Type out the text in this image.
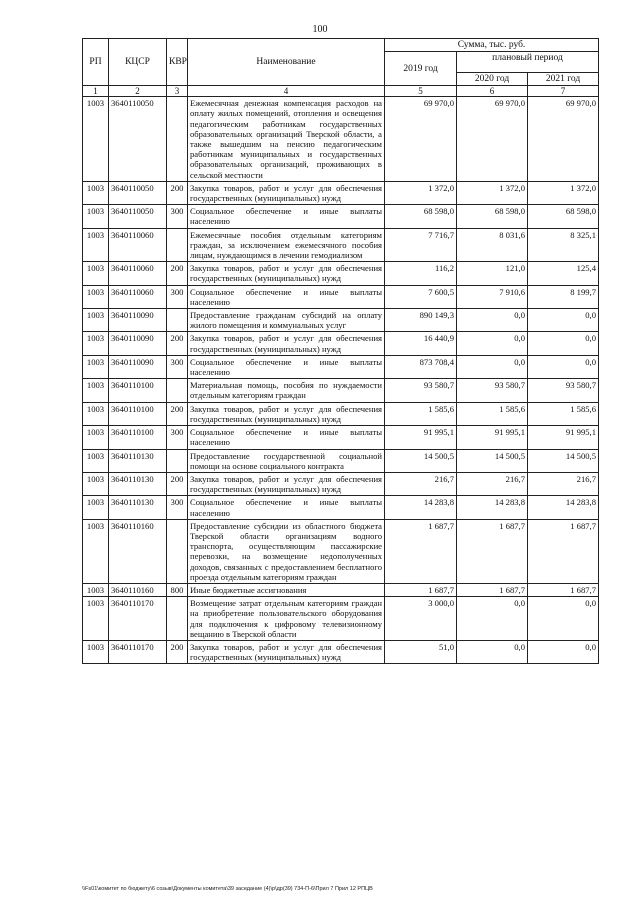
100
РП	КЦСР	КВР	Наименование	Сумма, тыс. руб.		
				2019 год	плановый период	
					2020 год	2021 год
1	2	3	4	5	6	7
1003	3640110050		Ежемесячная денежная компенсация расходов на оплату жилых помещений, отопления и освещения педагогическим работникам государственных образовательных организаций Тверской области, а также вышедшим на пенсию педагогическим работникам муниципальных и государственных образовательных организаций, проживающих в сельской местности	69 970,0	69 970,0	69 970,0
1003	3640110050	200	Закупка товаров, работ и услуг для обеспечения государственных (муниципальных) нужд	1 372,0	1 372,0	1 372,0
1003	3640110050	300	Социальное обеспечение и иные выплаты населению	68 598,0	68 598,0	68 598,0
1003	3640110060		Ежемесячные пособия отдельным категориям граждан, за исключением ежемесячного пособия лицам, нуждающимся в лечении гемодиализом	7 716,7	8 031,6	8 325,1
1003	3640110060	200	Закупка товаров, работ и услуг для обеспечения государственных (муниципальных) нужд	116,2	121,0	125,4
1003	3640110060	300	Социальное обеспечение и иные выплаты населению	7 600,5	7 910,6	8 199,7
1003	3640110090		Предоставление гражданам субсидий на оплату жилого помещения и коммунальных услуг	890 149,3	0,0	0,0
1003	3640110090	200	Закупка товаров, работ и услуг для обеспечения государственных (муниципальных) нужд	16 440,9	0,0	0,0
1003	3640110090	300	Социальное обеспечение и иные выплаты населению	873 708,4	0,0	0,0
1003	3640110100		Материальная помощь, пособия по нуждаемости отдельным категориям граждан	93 580,7	93 580,7	93 580,7
1003	3640110100	200	Закупка товаров, работ и услуг для обеспечения государственных (муниципальных) нужд	1 585,6	1 585,6	1 585,6
1003	3640110100	300	Социальное обеспечение и иные выплаты населению	91 995,1	91 995,1	91 995,1
1003	3640110130		Предоставление государственной социальной помощи на основе социального контракта	14 500,5	14 500,5	14 500,5
1003	3640110130	200	Закупка товаров, работ и услуг для обеспечения государственных (муниципальных) нужд	216,7	216,7	216,7
1003	3640110130	300	Социальное обеспечение и иные выплаты населению	14 283,8	14 283,8	14 283,8
1003	3640110160		Предоставление субсидии из областного бюджета Тверской области организациям водного транспорта, осуществляющим пассажирские перевозки, на возмещение недополученных доходов, связанных с предоставлением бесплатного проезда отдельным категориям граждан	1 687,7	1 687,7	1 687,7
1003	3640110160	800	Иные бюджетные ассигнования	1 687,7	1 687,7	1 687,7
1003	3640110170		Возмещение затрат отдельным категориям граждан на приобретение пользовательского оборудования для подключения к цифровому телевизионному вещанию в Тверской области	3 000,0	0,0	0,0
1003	3640110170	200	Закупка товаров, работ и услуг для обеспечения государственных (муниципальных) нужд	51,0	0,0	0,0
\\Fs01\комитет по бюджету\6 созыв\Документы комитета\39 заседание (4)\р\др(39) 734-П-6\Прил 7 Прил 12 РПЦВ
